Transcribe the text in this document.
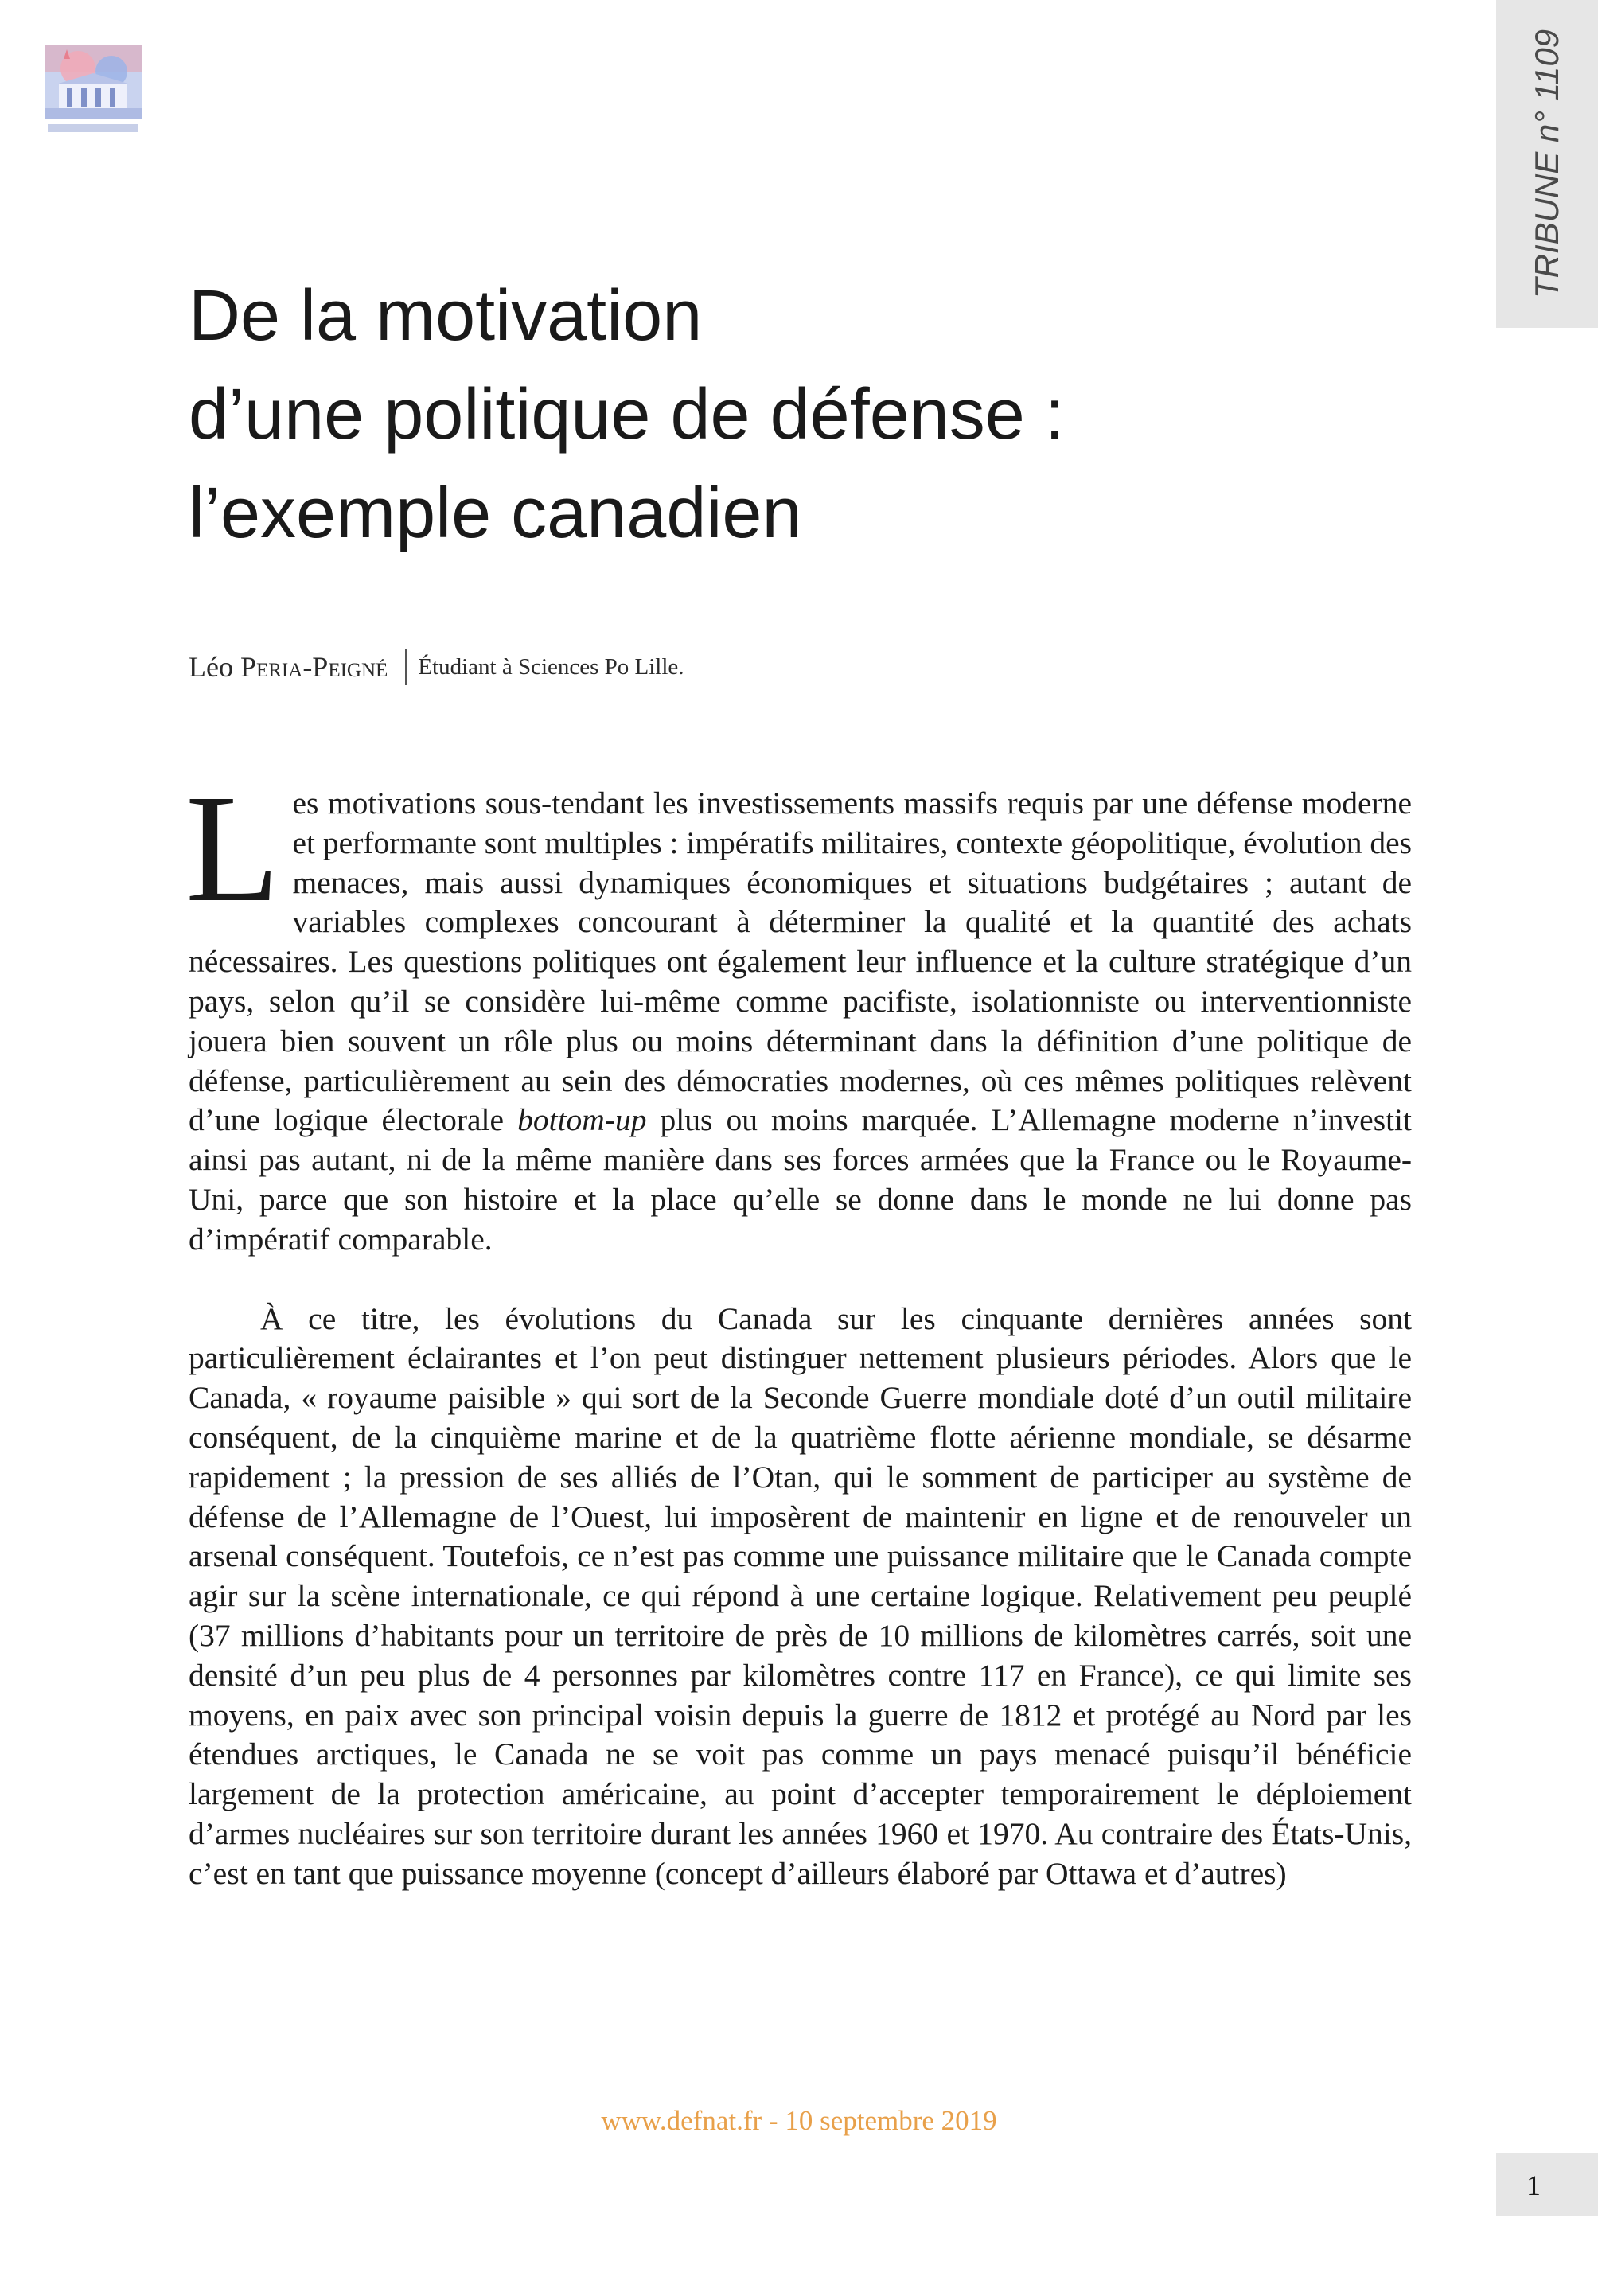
TRIBUNE n° 1109
De la motivation
d’une politique de défense :
l’exemple canadien
Léo Peria-Peigné Étudiant à Sciences Po Lille.

Les motivations sous-tendant les investissements massifs requis par une défense moderne et performante sont multiples : impératifs militaires, contexte géopolitique, évolution des menaces, mais aussi dynamiques économiques et situations budgétaires ; autant de variables complexes concourant à déterminer la qualité et la quantité des achats nécessaires. Les questions politiques ont également leur influence et la culture stratégique d’un pays, selon qu’il se considère lui-même comme pacifiste, isolationniste ou interventionniste jouera bien souvent un rôle plus ou moins déterminant dans la définition d’une politique de défense, particulièrement au sein des démocraties modernes, où ces mêmes politiques relèvent d’une logique électorale bottom-up plus ou moins marquée. L’Allemagne moderne n’investit ainsi pas autant, ni de la même manière dans ses forces armées que la France ou le Royaume-Uni, parce que son histoire et la place qu’elle se donne dans le monde ne lui donne pas d’impératif comparable.

À ce titre, les évolutions du Canada sur les cinquante dernières années sont particulièrement éclairantes et l’on peut distinguer nettement plusieurs périodes. Alors que le Canada, « royaume paisible » qui sort de la Seconde Guerre mondiale doté d’un outil militaire conséquent, de la cinquième marine et de la quatrième flotte aérienne mondiale, se désarme rapidement ; la pression de ses alliés de l’Otan, qui le somment de participer au système de défense de l’Allemagne de l’Ouest, lui imposèrent de maintenir en ligne et de renouveler un arsenal conséquent. Toutefois, ce n’est pas comme une puissance militaire que le Canada compte agir sur la scène internationale, ce qui répond à une certaine logique. Relativement peu peuplé (37 millions d’habitants pour un territoire de près de 10 millions de kilomètres carrés, soit une densité d’un peu plus de 4 personnes par kilomètres contre 117 en France), ce qui limite ses moyens, en paix avec son principal voisin depuis la guerre de 1812 et protégé au Nord par les étendues arctiques, le Canada ne se voit pas comme un pays menacé puisqu’il bénéficie largement de la protection américaine, au point d’accepter temporairement le déploiement d’armes nucléaires sur son territoire durant les années 1960 et 1970. Au contraire des États-Unis, c’est en tant que puissance moyenne (concept d’ailleurs élaboré par Ottawa et d’autres)

www.defnat.fr - 10 septembre 2019
1
